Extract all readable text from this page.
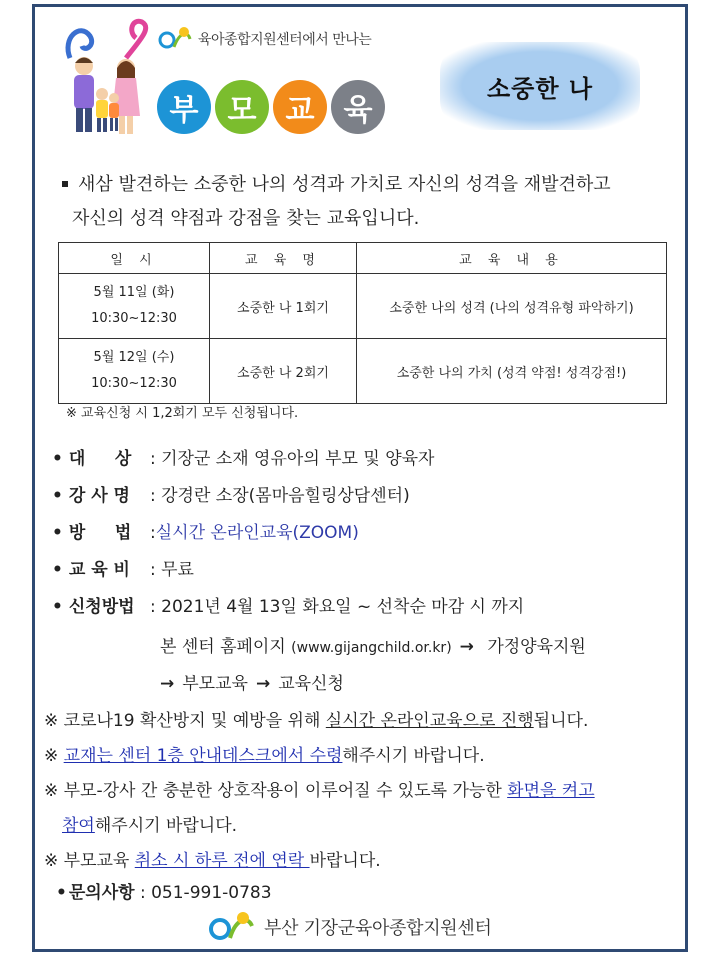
육아종합지원센터에서 만나는
부 모 교 육
소중한 나
새삼 발견하는 소중한 나의 성격과 가치로 자신의 성격을 재발견하고
자신의 성격 약점과 강점을 찾는 교육입니다.
일 시	교 육 명	교 육 내 용

5월 11일 (화)
10:30~12:30	소중한 나 1회기	소중한 나의 성격 (나의 성격유형 파악하기)

5월 12일 (수)
10:30~12:30	소중한 나 2회기	소중한 나의 가치 (성격 약점! 성격강점!)
※ 교육신청 시 1,2회기 모두 신청됩니다.
• 대     상	: 기장군 소재 영유아의 부모 및 양육자
• 강 사 명	: 강경란 소장(몸마음힐링상담센터)
• 방     법	: 실시간 온라인교육(ZOOM)
• 교 육 비	: 무료
• 신청방법 : 2021년 4월 13일 화요일 ~ 선착순 마감 시 까지
본 센터 홈페이지 (www.gijangchild.or.kr) → 가정양육지원
→ 부모교육 → 교육신청
※ 코로나19 확산방지 및 예방을 위해 실시간 온라인교육으로 진행됩니다.
※ 교재는 센터 1층 안내데스크에서 수령해주시기 바랍니다.
※ 부모-강사 간 충분한 상호작용이 이루어질 수 있도록 가능한 화면을 켜고
참여해주시기 바랍니다.
※ 부모교육 취소 시 하루 전에 연락 바랍니다.
• 문의사항 : 051-991-0783
부산 기장군육아종합지원센터
